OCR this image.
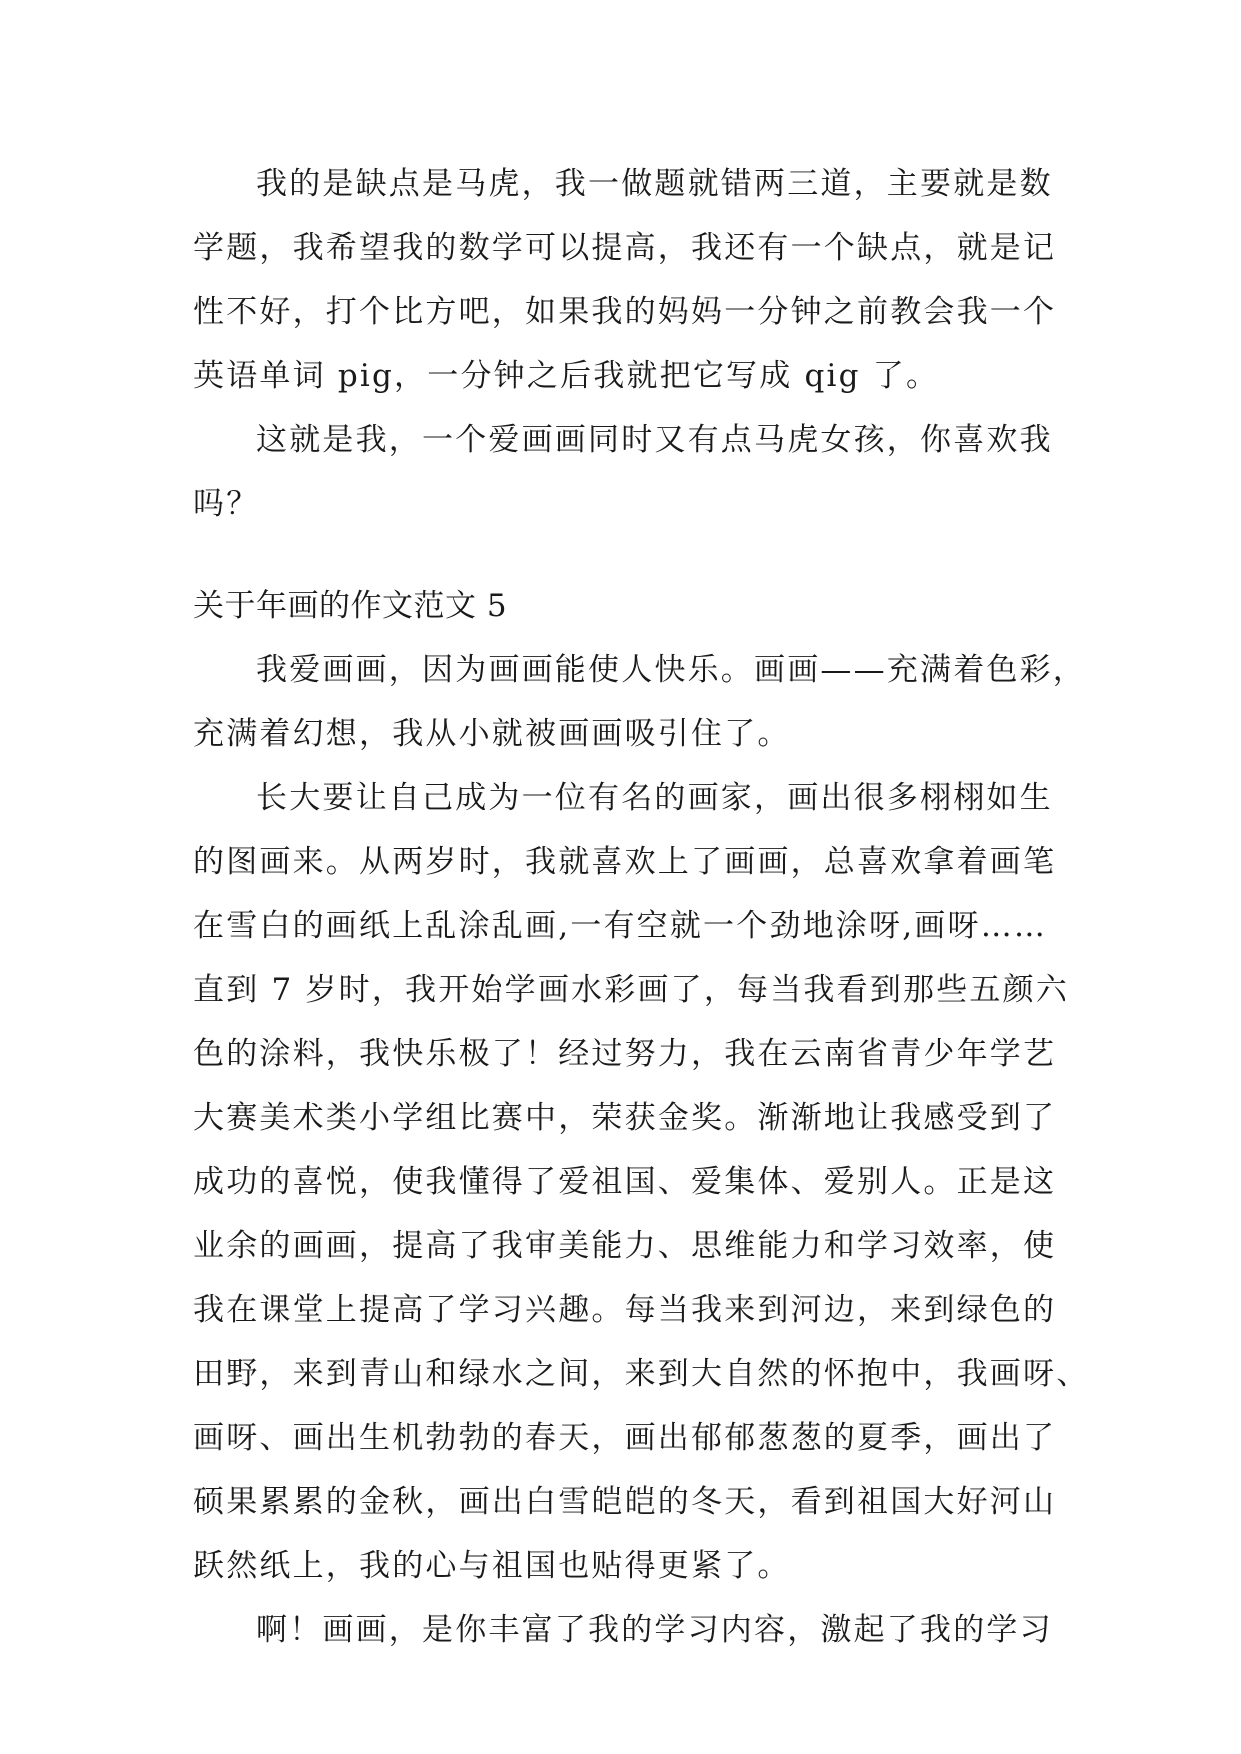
我的是缺点是马虎，我一做题就错两三道，主要就是数
学题，我希望我的数学可以提高，我还有一个缺点，就是记
性不好，打个比方吧，如果我的妈妈一分钟之前教会我一个
英语单词 pig，一分钟之后我就把它写成 qig 了。
这就是我，一个爱画画同时又有点马虎女孩，你喜欢我
吗？
关于年画的作文范文 5
我爱画画，因为画画能使人快乐。画画——充满着色彩，
充满着幻想，我从小就被画画吸引住了。
长大要让自己成为一位有名的画家，画出很多栩栩如生
的图画来。从两岁时，我就喜欢上了画画，总喜欢拿着画笔
在雪白的画纸上乱涂乱画,一有空就一个劲地涂呀,画呀……
直到 7 岁时，我开始学画水彩画了，每当我看到那些五颜六
色的涂料，我快乐极了！经过努力，我在云南省青少年学艺
大赛美术类小学组比赛中，荣获金奖。渐渐地让我感受到了
成功的喜悦，使我懂得了爱祖国、爱集体、爱别人。正是这
业余的画画，提高了我审美能力、思维能力和学习效率，使
我在课堂上提高了学习兴趣。每当我来到河边，来到绿色的
田野，来到青山和绿水之间，来到大自然的怀抱中，我画呀、
画呀、画出生机勃勃的春天，画出郁郁葱葱的夏季，画出了
硕果累累的金秋，画出白雪皑皑的冬天，看到祖国大好河山
跃然纸上，我的心与祖国也贴得更紧了。
啊！画画，是你丰富了我的学习内容，激起了我的学习
